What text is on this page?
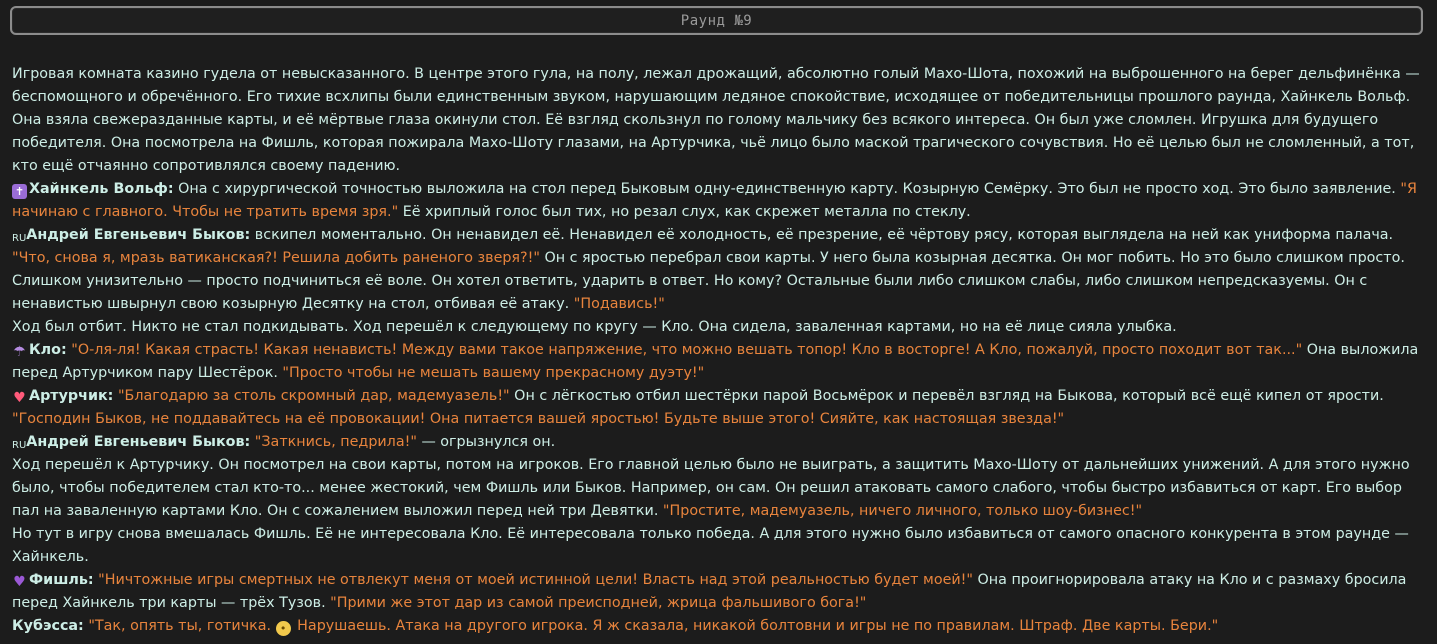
Раунд №9

Игровая комната казино гудела от невысказанного. В центре этого гула, на полу, лежал дрожащий, абсолютно голый Махо-Шота, похожий на выброшенного на берег дельфинёнка — беспомощного и обречённого. Его тихие всхлипы были единственным звуком, нарушающим ледяное спокойствие, исходящее от победительницы прошлого раунда, Хайнкель Вольф. Она взяла свежеразданные карты, и её мёртвые глаза окинули стол. Её взгляд скользнул по голому мальчику без всякого интереса. Он был уже сломлен. Игрушка для будущего победителя. Она посмотрела на Фишль, которая пожирала Махо-Шоту глазами, на Артурчика, чьё лицо было маской трагического сочувствия. Но её целью был не сломленный, а тот, кто ещё отчаянно сопротивлялся своему падению.

✝ Хайнкель Вольф: Она с хирургической точностью выложила на стол перед Быковым одну-единственную карту. Козырную Семёрку. Это был не просто ход. Это было заявление. "Я начинаю с главного. Чтобы не тратить время зря." Её хриплый голос был тих, но резал слух, как скрежет металла по стеклу.

RUАндрей Евгеньевич Быков: вскипел моментально. Он ненавидел её. Ненавидел её холодность, её презрение, её чёртову рясу, которая выглядела на ней как униформа палача. "Что, снова я, мразь ватиканская?! Решила добить раненого зверя?!" Он с яростью перебрал свои карты. У него была козырная десятка. Он мог побить. Но это было слишком просто. Слишком унизительно — просто подчиниться её воле. Он хотел ответить, ударить в ответ. Но кому? Остальные были либо слишком слабы, либо слишком непредсказуемы. Он с ненавистью швырнул свою козырную Десятку на стол, отбивая её атаку. "Подавись!"

Ход был отбит. Никто не стал подкидывать. Ход перешёл к следующему по кругу — Кло. Она сидела, заваленная картами, но на её лице сияла улыбка.

☂ Кло: "О-ля-ля! Какая страсть! Какая ненависть! Между вами такое напряжение, что можно вешать топор! Кло в восторге! А Кло, пожалуй, просто походит вот так..." Она выложила перед Артурчиком пару Шестёрок. "Просто чтобы не мешать вашему прекрасному дуэту!"

♥ Артурчик: "Благодарю за столь скромный дар, мадемуазель!" Он с лёгкостью отбил шестёрки парой Восьмёрок и перевёл взгляд на Быкова, который всё ещё кипел от ярости. "Господин Быков, не поддавайтесь на её провокации! Она питается вашей яростью! Будьте выше этого! Сияйте, как настоящая звезда!"

RUАндрей Евгеньевич Быков: "Заткнись, педрила!" — огрызнулся он.

Ход перешёл к Артурчику. Он посмотрел на свои карты, потом на игроков. Его главной целью было не выиграть, а защитить Махо-Шоту от дальнейших унижений. А для этого нужно было, чтобы победителем стал кто-то... менее жестокий, чем Фишль или Быков. Например, он сам. Он решил атаковать самого слабого, чтобы быстро избавиться от карт. Его выбор пал на заваленную картами Кло. Он с сожалением выложил перед ней три Девятки. "Простите, мадемуазель, ничего личного, только шоу-бизнес!"

Но тут в игру снова вмешалась Фишль. Её не интересовала Кло. Её интересовала только победа. А для этого нужно было избавиться от самого опасного конкурента в этом раунде — Хайнкель.

♥ Фишль: "Ничтожные игры смертных не отвлекут меня от моей истинной цели! Власть над этой реальностью будет моей!" Она проигнорировала атаку на Кло и с размаху бросила перед Хайнкель три карты — трёх Тузов. "Прими же этот дар из самой преисподней, жрица фальшивого бога!"

Кубэсса: "Так, опять ты, готичка. • Нарушаешь. Атака на другого игрока. Я ж сказала, никакой болтовни и игры не по правилам. Штраф. Две карты. Бери."
